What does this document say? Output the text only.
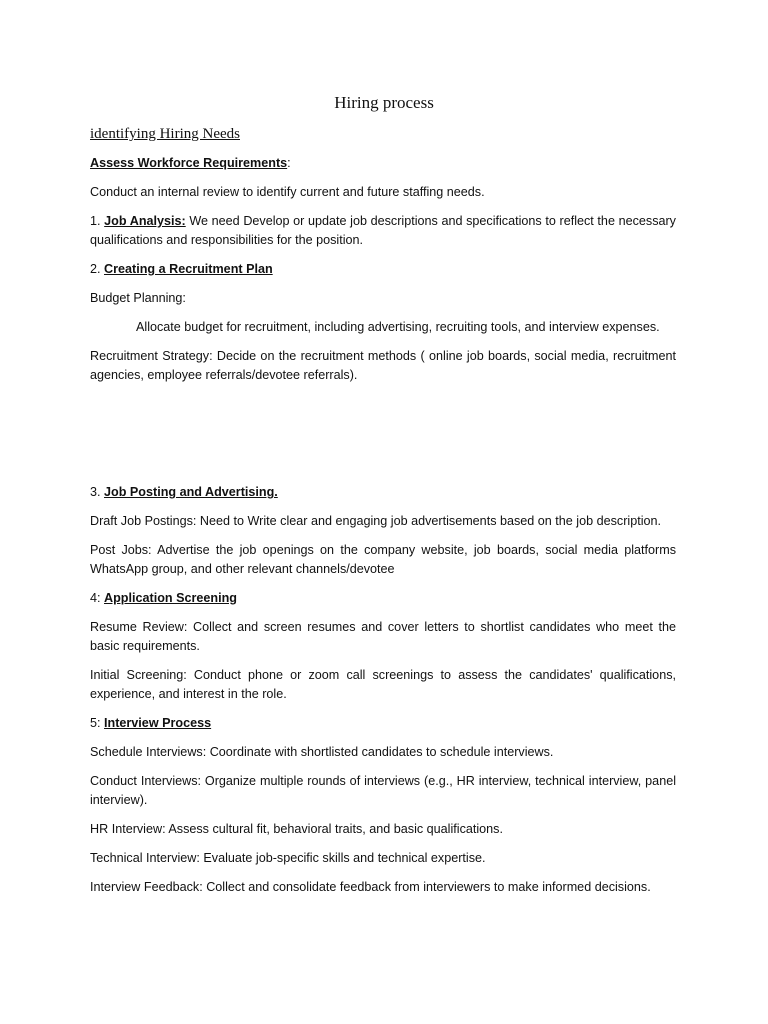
Hiring process
identifying Hiring Needs

Assess Workforce Requirements:

Conduct an internal review to identify current and future staffing needs.

1. Job Analysis: We need Develop or update job descriptions and specifications to reflect the necessary qualifications and responsibilities for the position.

2. Creating a Recruitment Plan

Budget Planning:

Allocate budget for recruitment, including advertising, recruiting tools, and interview expenses.

Recruitment Strategy: Decide on the recruitment methods ( online job boards, social media, recruitment agencies, employee referrals/devotee referrals).

3. Job Posting and Advertising.

Draft Job Postings: Need to Write clear and engaging job advertisements based on the job description.

Post Jobs: Advertise the job openings on the company website, job boards, social media platforms WhatsApp group, and other relevant channels/devotee

4: Application Screening

Resume Review: Collect and screen resumes and cover letters to shortlist candidates who meet the basic requirements.

Initial Screening: Conduct phone or zoom call screenings to assess the candidates' qualifications, experience, and interest in the role.

5: Interview Process

Schedule Interviews: Coordinate with shortlisted candidates to schedule interviews.

Conduct Interviews: Organize multiple rounds of interviews (e.g., HR interview, technical interview, panel interview).

HR Interview: Assess cultural fit, behavioral traits, and basic qualifications.

Technical Interview: Evaluate job-specific skills and technical expertise.

Interview Feedback: Collect and consolidate feedback from interviewers to make informed decisions.
